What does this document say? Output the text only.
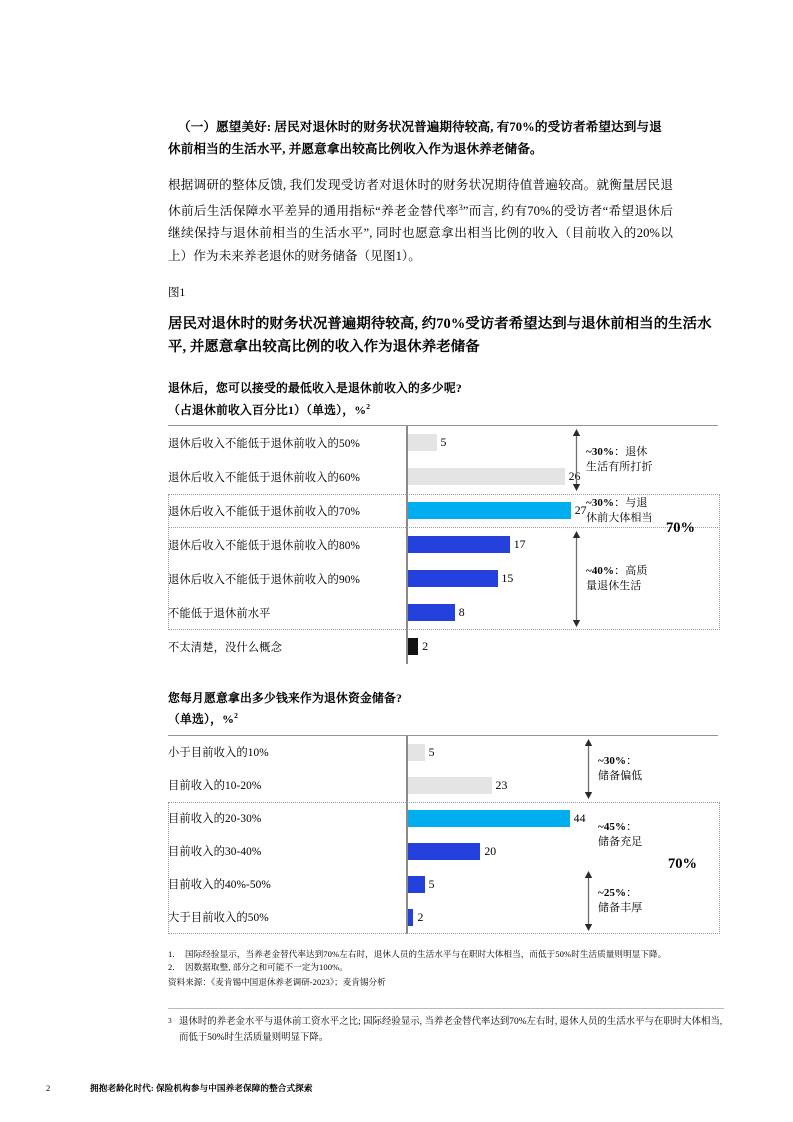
（一）愿望美好: 居民对退休时的财务状况普遍期待较高, 有70%的受访者希望达到与退休前相当的生活水平, 并愿意拿出较高比例收入作为退休养老储备。
根据调研的整体反馈, 我们发现受访者对退休时的财务状况期待值普遍较高。就衡量居民退休前后生活保障水平差异的通用指标“养老金替代率$^3$”而言, 约有70%的受访者“希望退休后继续保持与退休前相当的生活水平”, 同时也愿意拿出相当比例的收入（目前收入的20%以上）作为未来养老退休的财务储备（见图1）。
图1
居民对退休时的财务状况普遍期待较高, 约70%受访者希望达到与退休前相当的生活水平, 并愿意拿出较高比例的收入作为退休养老储备
退休后，您可以接受的最低收入是退休前收入的多少呢?
（占退休前收入百分比1）（单选），%$^2$
退休后收入不能低于退休前收入的50%	5
退休后收入不能低于退休前收入的60%	26
退休后收入不能低于退休前收入的70%	27
退休后收入不能低于退休前收入的80%	17
退休后收入不能低于退休前收入的90%	15
不能低于退休前水平	8
不太清楚，没什么概念	2
~30%：退休
生活有所打折
~30%：与退
休前大体相当
~40%：高质
量退休生活
70%
您每月愿意拿出多少钱来作为退休资金储备?
（单选），%$^2$
小于目前收入的10%	5
目前收入的10-20%	23
目前收入的20-30%	44
目前收入的30-40%	20
目前收入的40%-50%	5
大于目前收入的50%	2
~30%：
储备偏低
~45%：
储备充足
~25%：
储备丰厚
70%
1.	国际经验显示，当养老金替代率达到70%左右时，退休人员的生活水平与在职时大体相当，而低于50%时生活质量则明显下降。
2.	因数据取整, 部分之和可能不一定为100%。
资料来源：《麦肯锡中国退休养老调研-2023》；麦肯锡分析
3 退休时的养老金水平与退休前工资水平之比; 国际经验显示, 当养老金替代率达到70%左右时, 退休人员的生活水平与在职时大体相当, 而低于50%时生活质量则明显下降。
2	拥抱老龄化时代: 保险机构参与中国养老保障的整合式探索
